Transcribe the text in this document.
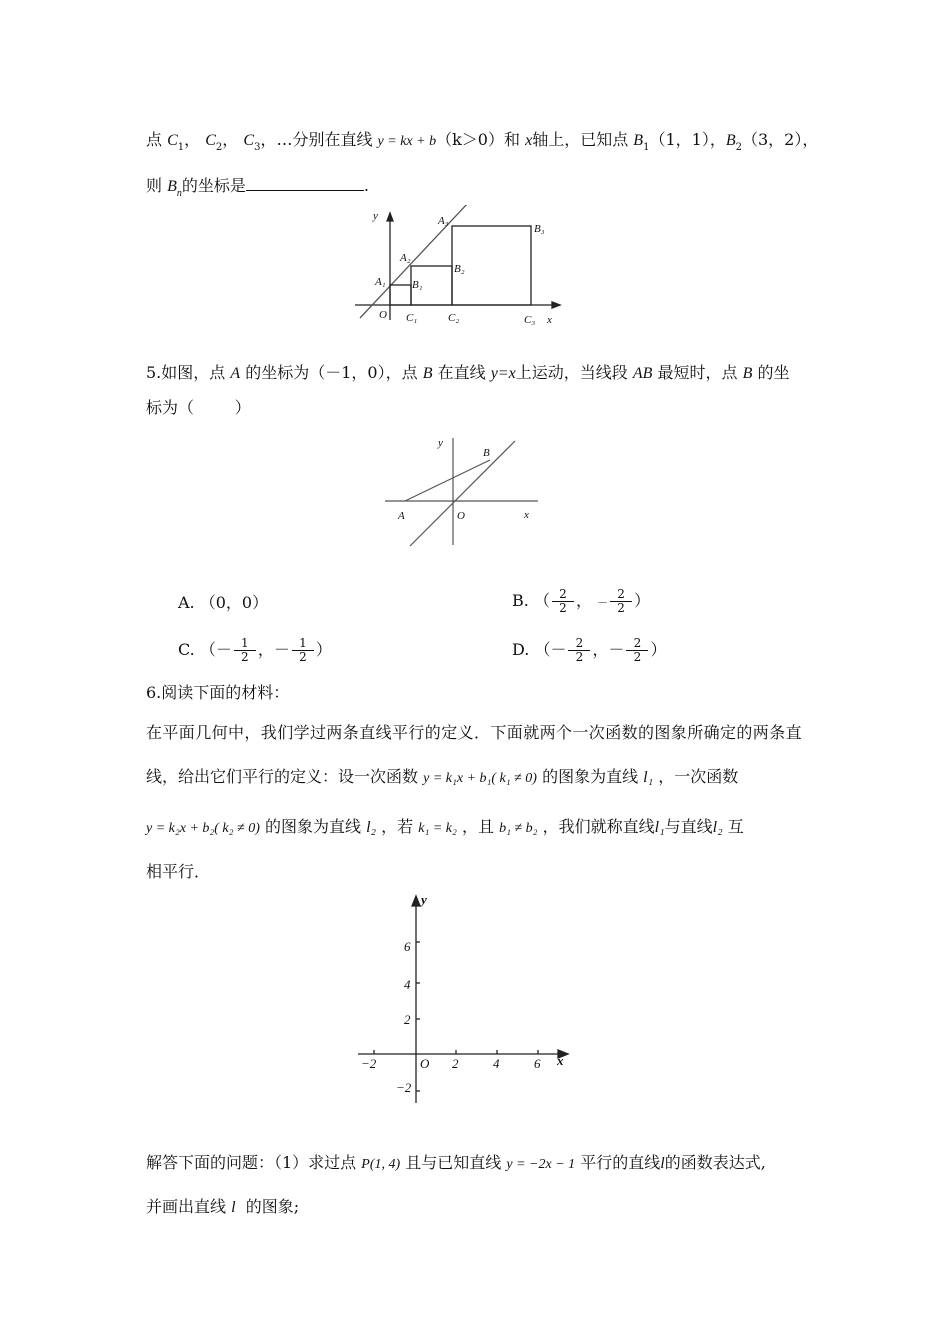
点 $C_1$， $C_2$， $C_3$，…分别在直线 y = kx + b（k＞0）和 x轴上，已知点 $B_1(1$，1），$B_2(3$，2），
则 $B_n$的坐标是	.
y
x
O
A₁
A₂
A₃
B₁
B₂
B₃
C₁	C₂	C₃
5.如图，点 A 的坐标为（－1，0），点 B 在直线 y=x上运动，当线段 AB 最短时，点 B 的坐
标为（        ）
y
x
A
B
O
A. （0，0）	B. （ $\frac{2}{2}$ ， － $\frac{2}{2}$ ）
C. （－ $\frac{1}{2}$ ，－ $\frac{1}{2}$ ）	D. （－ $\frac{2}{2}$ ，－ $\frac{2}{2}$ ）
6.阅读下面的材料：
在平面几何中，我们学过两条直线平行的定义．下面就两个一次函数的图象所确定的两条直
线，给出它们平行的定义：设一次函数 y = k₁x + b₁( k₁ ≠ 0) 的图象为直线 l₁ ，一次函数
y = k₂x + b₂( k₂ ≠ 0) 的图象为直线 l₂ ，若 k₁ = k₂ ，且 b₁ ≠ b₂ ，我们就称直线l₁与直线l₂ 互
相平行．
y
x
O
6
4
2
−2
−2	2	4	6
解答下面的问题：（1）求过点 P(1, 4) 且与已知直线 y = −2x − 1 平行的直线l的函数表达式,
并画出直线 l 的图象;
